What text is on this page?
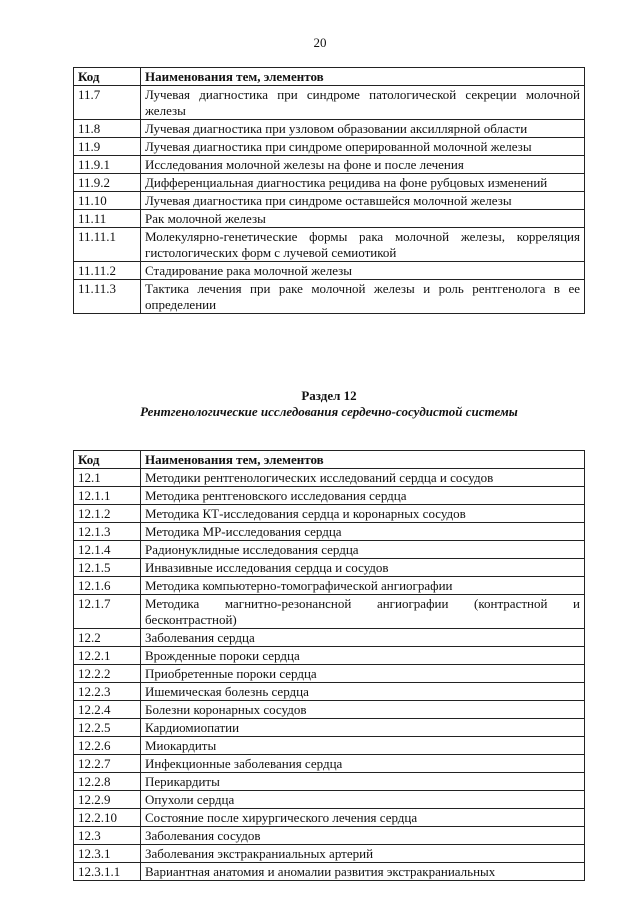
20
Код	Наименования тем, элементов
11.7	Лучевая диагностика при синдроме патологической секреции молочной железы
11.8	Лучевая диагностика при узловом образовании аксиллярной области
11.9	Лучевая диагностика при синдроме оперированной молочной железы
11.9.1	Исследования молочной железы на фоне и после лечения
11.9.2	Дифференциальная диагностика рецидива на фоне рубцовых изменений
11.10	Лучевая диагностика при синдроме оставшейся молочной железы
11.11	Рак молочной железы
11.11.1	Молекулярно-генетические формы рака молочной железы, корреляция гистологических форм с лучевой семиотикой
11.11.2	Стадирование рака молочной железы
11.11.3	Тактика лечения при раке молочной железы и роль рентгенолога в ее определении
Раздел 12
Рентгенологические исследования сердечно-сосудистой системы
Код	Наименования тем, элементов
12.1	Методики рентгенологических исследований сердца и сосудов
12.1.1	Методика рентгеновского исследования сердца
12.1.2	Методика КТ-исследования сердца и коронарных сосудов
12.1.3	Методика МР-исследования сердца
12.1.4	Радионуклидные исследования сердца
12.1.5	Инвазивные исследования сердца и сосудов
12.1.6	Методика компьютерно-томографической ангиографии
12.1.7	Методика магнитно-резонансной ангиографии (контрастной и бесконтрастной)
12.2	Заболевания сердца
12.2.1	Врожденные пороки сердца
12.2.2	Приобретенные пороки сердца
12.2.3	Ишемическая болезнь сердца
12.2.4	Болезни коронарных сосудов
12.2.5	Кардиомиопатии
12.2.6	Миокардиты
12.2.7	Инфекционные заболевания сердца
12.2.8	Перикардиты
12.2.9	Опухоли сердца
12.2.10	Состояние после хирургического лечения сердца
12.3	Заболевания сосудов
12.3.1	Заболевания экстракраниальных артерий
12.3.1.1	Вариантная анатомия и аномалии развития экстракраниальных
